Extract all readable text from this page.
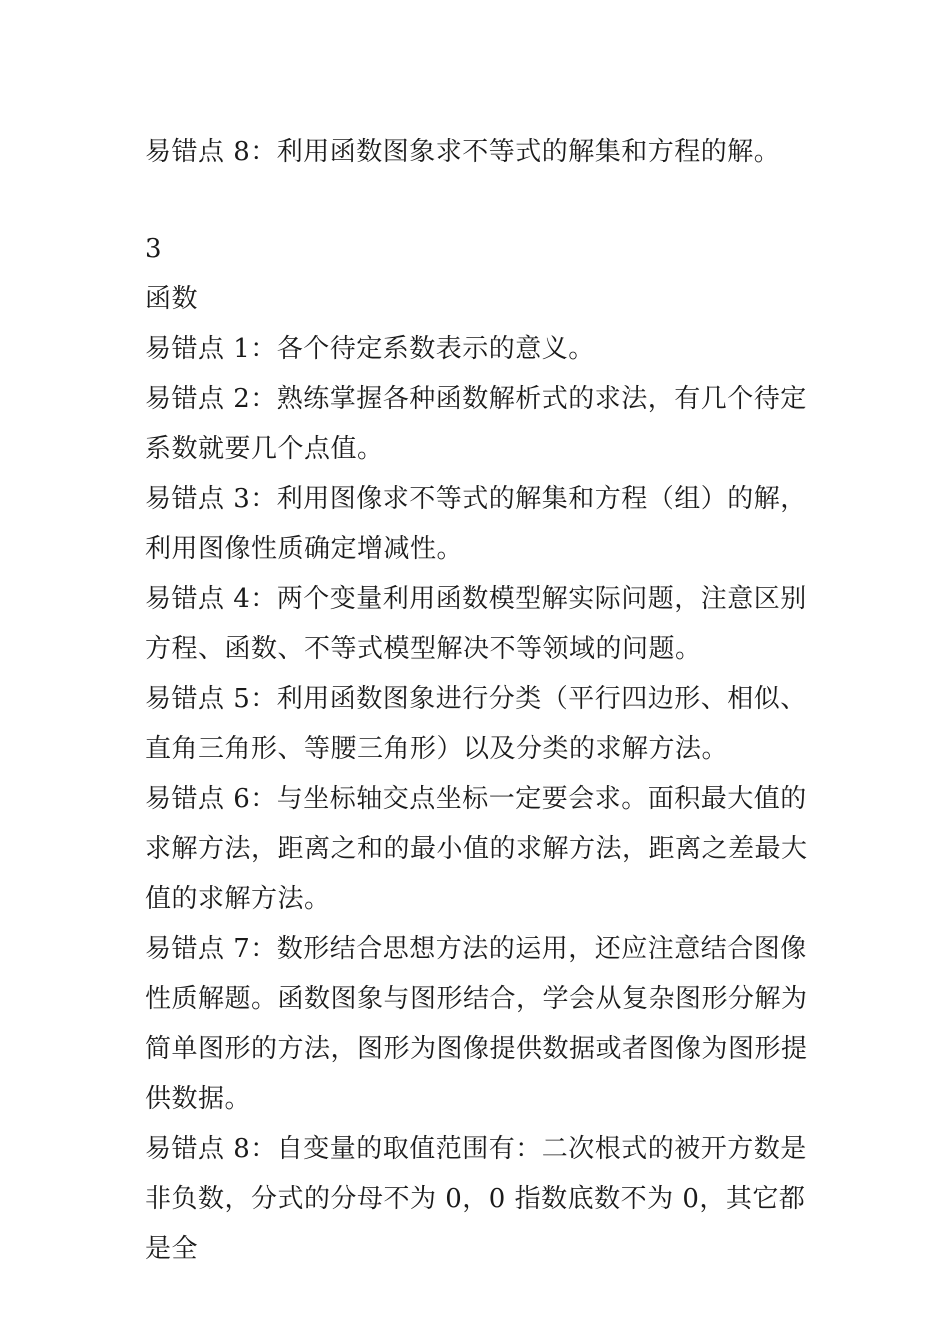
易错点 8：利用函数图象求不等式的解集和方程的解。

3

函数

易错点 1：各个待定系数表示的意义。

易错点 2：熟练掌握各种函数解析式的求法，有几个待定系数就要几个点值。

易错点 3：利用图像求不等式的解集和方程（组）的解，利用图像性质确定增减性。

易错点 4：两个变量利用函数模型解实际问题，注意区别方程、函数、不等式模型解决不等领域的问题。

易错点 5：利用函数图象进行分类（平行四边形、相似、直角三角形、等腰三角形）以及分类的求解方法。

易错点 6：与坐标轴交点坐标一定要会求。面积最大值的求解方法，距离之和的最小值的求解方法，距离之差最大值的求解方法。

易错点 7：数形结合思想方法的运用，还应注意结合图像性质解题。函数图象与图形结合，学会从复杂图形分解为简单图形的方法，图形为图像提供数据或者图像为图形提供数据。

易错点 8：自变量的取值范围有：二次根式的被开方数是非负数，分式的分母不为 0，0 指数底数不为 0，其它都是全
